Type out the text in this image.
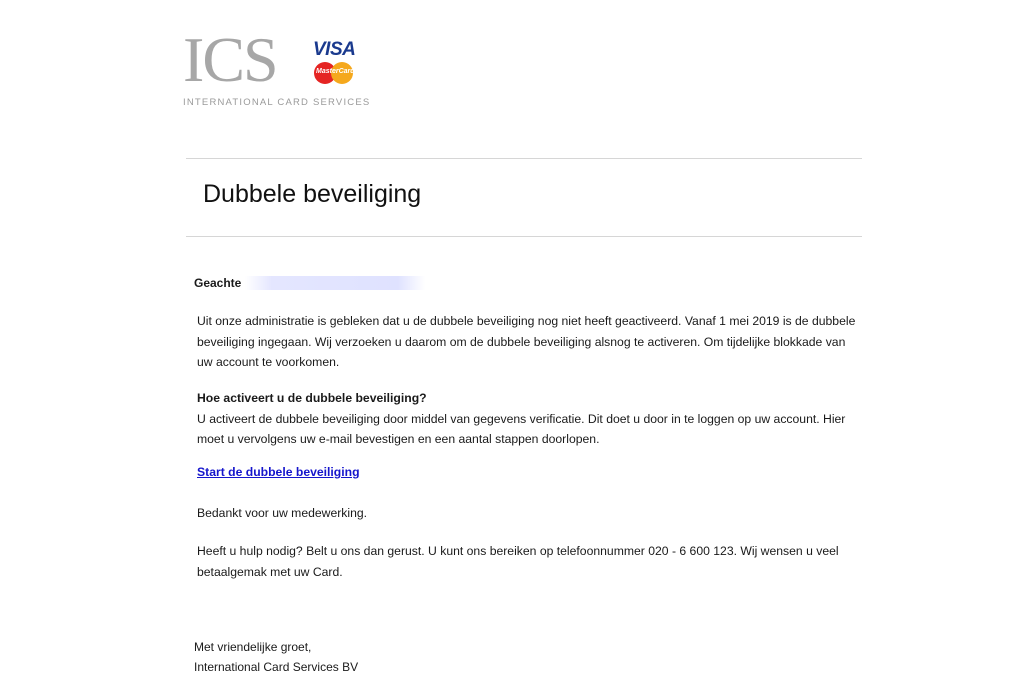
ICS VISA
MasterCard
INTERNATIONAL CARD SERVICES
Dubbele beveiliging
Geachte

Uit onze administratie is gebleken dat u de dubbele beveiliging nog niet heeft geactiveerd. Vanaf 1 mei 2019 is de dubbele beveiliging ingegaan. Wij verzoeken u daarom om de dubbele beveiliging alsnog te activeren. Om tijdelijke blokkade van uw account te voorkomen.

Hoe activeert u de dubbele beveiliging?
U activeert de dubbele beveiliging door middel van gegevens verificatie. Dit doet u door in te loggen op uw account. Hier moet u vervolgens uw e-mail bevestigen en een aantal stappen doorlopen.

Start de dubbele beveiliging

Bedankt voor uw medewerking.

Heeft u hulp nodig? Belt u ons dan gerust. U kunt ons bereiken op telefoonnummer 020 - 6 600 123. Wij wensen u veel betaalgemak met uw Card.

Met vriendelijke groet,
International Card Services BV
